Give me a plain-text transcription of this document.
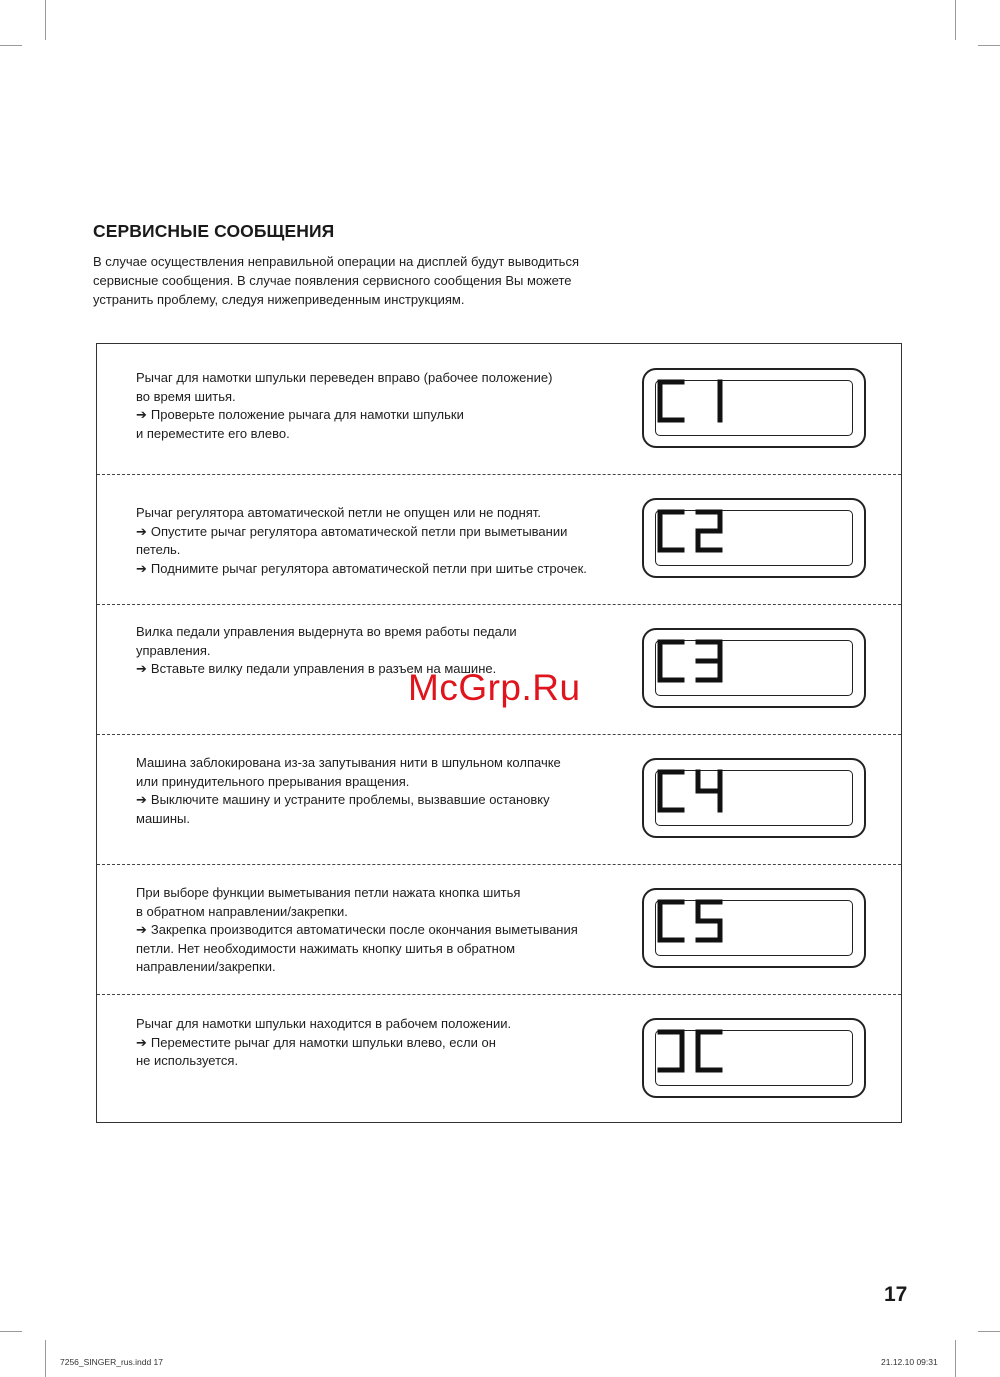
СЕРВИСНЫЕ СООБЩЕНИЯ
В случае осуществления неправильной операции на дисплей будут выводиться
сервисные сообщения. В случае появления сервисного сообщения Вы можете
устранить проблему, следуя нижеприведенным инструкциям.
Рычаг для намотки шпульки переведен вправо (рабочее положение)
во время шитья.
➔ Проверьте положение рычага для намотки шпульки
и переместите его влево.
Рычаг регулятора автоматической петли не опущен или не поднят.
➔ Опустите рычаг регулятора автоматической петли при выметывании
петель.
➔ Поднимите рычаг регулятора автоматической петли при шитье строчек.
Вилка педали управления выдернута во время работы педали
управления.
➔ Вставьте вилку педали управления в разъем на машине.
Машина заблокирована из-за запутывания нити в шпульном колпачке
или принудительного прерывания вращения.
➔ Выключите машину и устраните проблемы, вызвавшие остановку
машины.
При выборе функции выметывания петли нажата кнопка шитья
в обратном направлении/закрепки.
➔ Закрепка производится автоматически после окончания выметывания
петли. Нет необходимости нажимать кнопку шитья в обратном
направлении/закрепки.
Рычаг для намотки шпульки находится в рабочем положении.
➔ Переместите рычаг для намотки шпульки влево, если он
не используется.
McGrp.Ru
17
7256_SINGER_rus.indd 17	21.12.10 09:31
